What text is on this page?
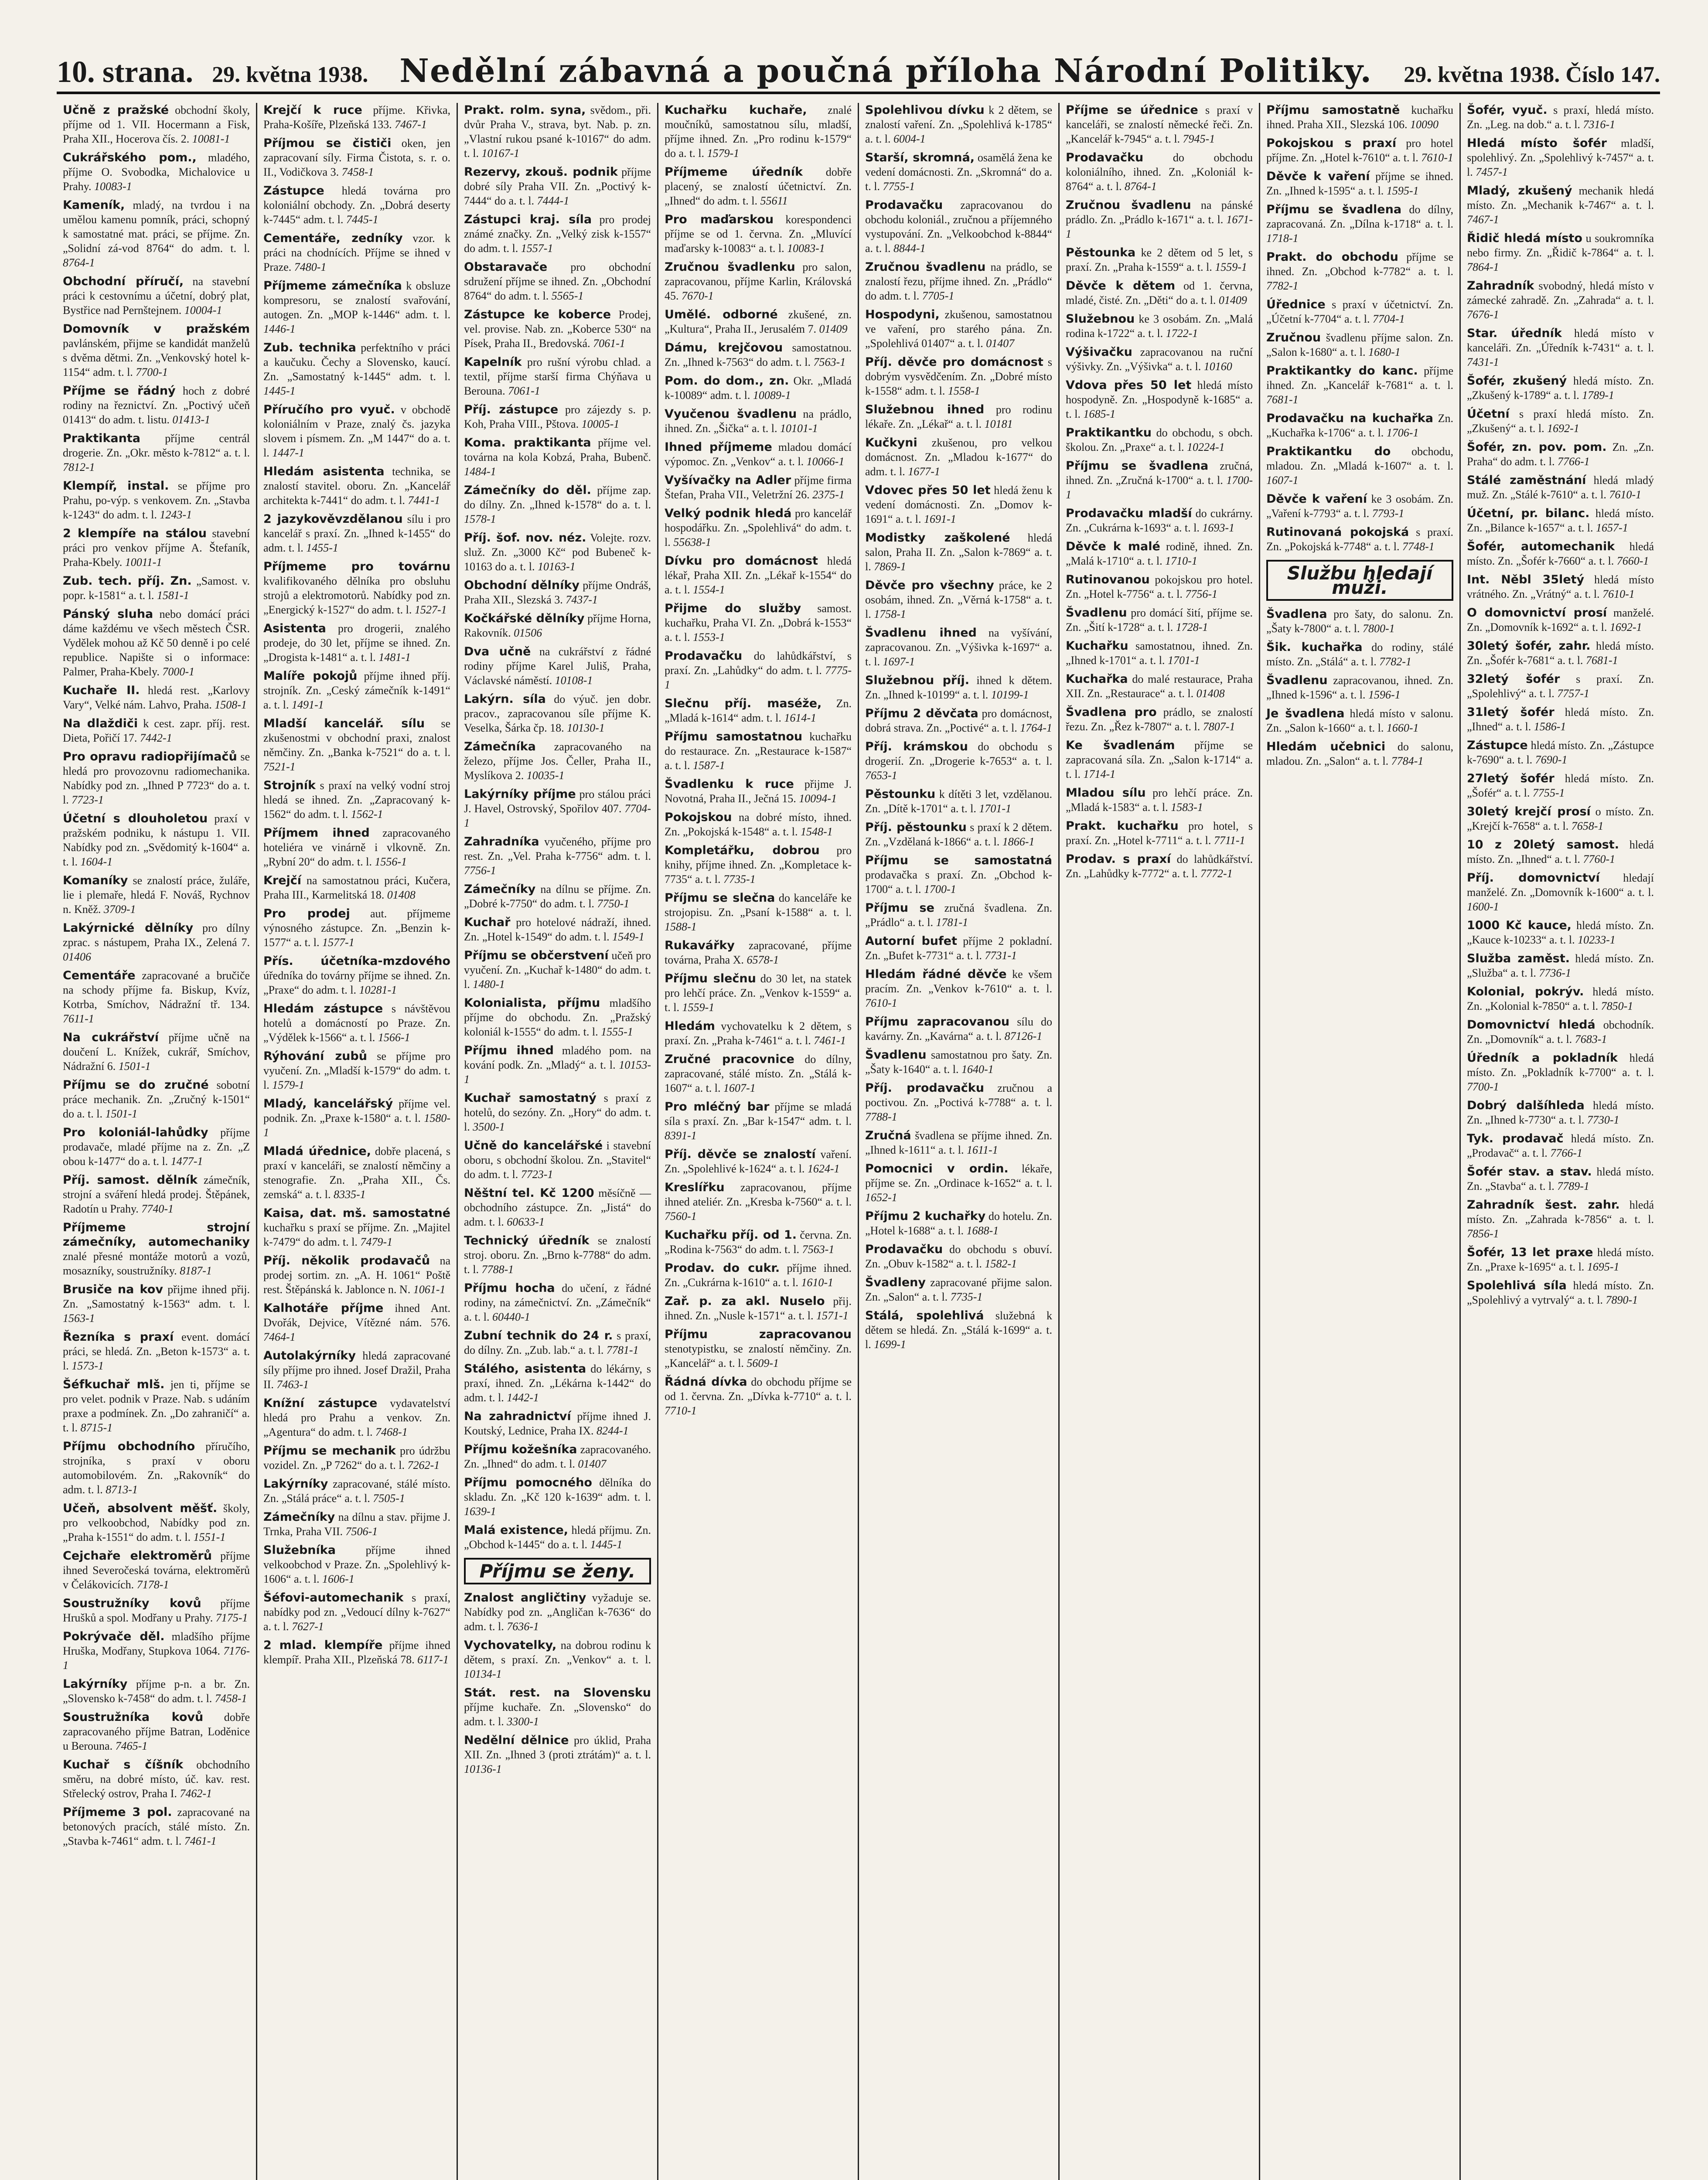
10. strana. 29. května 1938. Nedělní zábavná a poučná příloha Národní Politiky. 29. května 1938. Číslo 147.
Učně z pražské obchodní školy, příjme od 1. VII. Hocermann a Fisk, Praha XII., Hocerova čís. 2. 10081-1
Cukrářského pom., mladého, příjme O. Svobodka, Michalovice u Prahy. 10083-1
Kameník, mladý, na tvrdou i na umělou kamenu pomník, práci, schopný k samostatné mat. práci, se příjme. Zn. „Solidní zá-vod 8764“ do adm. t. l. 8764-1
Obchodní příručí, na stavební práci k cestovnímu a účetní, dobrý plat, Bystřice nad Pernštejnem. 10004-1
Domovník v pražském pavlánském, přijme se kandidát manželů s dvěma dětmi. Zn. „Venkovský hotel k-1154“ adm. t. l. 7700-1
Příjme se řádný hoch z dobré rodiny na řeznictví. Zn. „Poctivý učeň 01413“ do adm. t. listu. 01413-1
Praktikanta příjme centrál drogerie. Zn. „Okr. město k-7812“ a. t. l. 7812-1
Klempíř, instal. se příjme pro Prahu, po-výp. s venkovem. Zn. „Stavba k-1243“ do adm. t. l. 1243-1
2 klempíře na stálou stavební práci pro venkov příjme A. Štefaník, Praha-Kbely. 10011-1
Zub. tech. příj. Zn. „Samost. v. popr. k-1581“ a. t. l. 1581-1
Pánský sluha nebo domácí práci dáme každému ve všech městech ČSR. Vydělek mohou až Kč 50 denně i po celé republice. Napište si o informace: Palmer, Praha-Kbely. 7000-1
Kuchaře II. hledá rest. „Karlovy Vary“, Velké nám. Lahvo, Praha. 1508-1
Na dlaždiči k cest. zapr. příj. rest. Dieta, Pořičí 17. 7442-1
Pro opravu radiopřijímačů se hledá pro provozovnu radiomechanika. Nabídky pod zn. „Ihned P 7723“ do a. t. l. 7723-1
Účetní s dlouholetou praxí v pražském podniku, k nástupu 1. VII. Nabídky pod zn. „Svědomitý k-1604“ a. t. l. 1604-1
Komaníky se znalostí práce, žuláře, lie i plemaře, hledá F. Nováš, Rychnov n. Kněž. 3709-1
Lakýrnické dělníky pro dílny zprac. s nástupem, Praha IX., Zelená 7. 01406
Cementáře zapracované a bručiče na schody příjme fa. Biskup, Kvíz, Kotrba, Smíchov, Nádražní tř. 134. 7611-1
Na cukrářství příjme učně na doučení L. Knížek, cukrář, Smíchov, Nádražní 6. 1501-1
Příjmu se do zručné sobotní práce mechanik. Zn. „Zručný k-1501“ do a. t. l. 1501-1
Pro koloniál-lahůdky příjme prodavače, mladé příjme na z. Zn. „Z obou k-1477“ do a. t. l. 1477-1
Příj. samost. dělník zámečník, strojní a sváření hledá prodej. Štěpánek, Radotín u Prahy. 7740-1
Příjmeme strojní zámečníky, automechaniky znalé přesné montáže motorů a vozů, mosazníky, soustružníky. 8187-1
Brusiče na kov přijme ihned přij. Zn. „Samostatný k-1563“ adm. t. l. 1563-1
Řezníka s praxí event. domácí práci, se hledá. Zn. „Beton k-1573“ a. t. l. 1573-1
Šéfkuchař mlš. jen ti, příjme se pro velet. podnik v Praze. Nab. s udáním praxe a podmínek. Zn. „Do zahraničí“ a. t. l. 8715-1
Příjmu obchodního příručího, strojníka, s praxí v oboru automobilovém. Zn. „Rakovník“ do adm. t. l. 8713-1
Učeň, absolvent měšť. školy, pro velkoobchod, Nabídky pod zn. „Praha k-1551“ do adm. t. l. 1551-1
Cejchaře elektroměrů příjme ihned Severočeská továrna, elektroměrů v Čelákovicích. 7178-1
Soustružníky kovů příjme Hrušků a spol. Modřany u Prahy. 7175-1
Pokrývače děl. mladšího příjme Hruška, Modřany, Stupkova 1064. 7176-1
Lakýrníky příjme p-n. a br. Zn. „Slovensko k-7458“ do adm. t. l. 7458-1
Soustružníka kovů dobře zapracovaného příjme Batran, Loděnice u Berouna. 7465-1
Kuchař s číšník obchodního směru, na dobré místo, úč. kav. rest. Střelecký ostrov, Praha I. 7462-1
Příjmeme 3 pol. zapracované na betonových pracích, stálé místo. Zn. „Stavba k-7461“ adm. t. l. 7461-1
Krejčí k ruce příjme. Křivka, Praha-Košíře, Plzeňská 133. 7467-1
Příjmou se čističi oken, jen zapracovaní síly. Firma Čistota, s. r. o. II., Vodičkova 3. 7458-1
Zástupce hledá továrna pro koloniální obchody. Zn. „Dobrá deserty k-7445“ adm. t. l. 7445-1
Cementáře, zedníky vzor. k práci na chodnících. Příjme se ihned v Praze. 7480-1
Příjmeme zámečníka k obsluze kompresoru, se znalostí svařování, autogen. Zn. „MOP k-1446“ adm. t. l. 1446-1
Zub. technika perfektního v práci a kaučuku. Čechy a Slovensko, kaucí. Zn. „Samostatný k-1445“ adm. t. l. 1445-1
Příručího pro vyuč. v obchodě koloniálním v Praze, znalý čs. jazyka slovem i písmem. Zn. „M 1447“ do a. t. l. 1447-1
Hledám asistenta technika, se znalostí stavitel. oboru. Zn. „Kancelář architekta k-7441“ do adm. t. l. 7441-1
2 jazykověvzdělanou sílu i pro kancelář s praxí. Zn. „Ihned k-1455“ do adm. t. l. 1455-1
Příjmeme pro továrnu kvalifikovaného dělníka pro obsluhu strojů a elektromotorů. Nabídky pod zn. „Energický k-1527“ do adm. t. l. 1527-1
Asistenta pro drogerii, znalého prodeje, do 30 let, příjme se ihned. Zn. „Drogista k-1481“ a. t. l. 1481-1
Malíře pokojů příjme ihned příj. strojník. Zn. „Ceský zámečník k-1491“ a. t. l. 1491-1
Mladší kancelář. sílu se zkušenostmi v obchodní praxi, znalost němčiny. Zn. „Banka k-7521“ do a. t. l. 7521-1
Strojník s praxí na velký vodní stroj hledá se ihned. Zn. „Zapracovaný k-1562“ do adm. t. l. 1562-1
Příjmem ihned zapracovaného hoteliéra ve vinárně i vlkovně. Zn. „Rybní 20“ do adm. t. l. 1556-1
Krejčí na samostatnou práci, Kučera, Praha III., Karmelitská 18. 01408
Pro prodej aut. příjmeme výnosného zástupce. Zn. „Benzin k-1577“ a. t. l. 1577-1
Přís. účetníka-mzdového úředníka do továrny příjme se ihned. Zn. „Praxe“ do adm. t. l. 10281-1
Hledám zástupce s návštěvou hotelů a domácností po Praze. Zn. „Výdělek k-1566“ a. t. l. 1566-1
Rýhování zubů se příjme pro vyučení. Zn. „Mladší k-1579“ do adm. t. l. 1579-1
Mladý, kancelářský příjme vel. podnik. Zn. „Praxe k-1580“ a. t. l. 1580-1
Mladá úřednice, dobře placená, s praxí v kanceláři, se znalostí němčiny a stenografie. Zn. „Praha XII., Čs. zemská“ a. t. l. 8335-1
Kaisa, dat. mš. samostatné kuchařku s praxí se příjme. Zn. „Majitel k-7479“ do adm. t. l. 7479-1
Příj. několik prodavačů na prodej sortim. zn. „A. H. 1061“ Poště rest. Štěpánská k. Jablonce n. N. 1061-1
Kalhotáře příjme ihned Ant. Dvořák, Dejvice, Vítězné nám. 576. 7464-1
Autolakýrníky hledá zapracované síly příjme pro ihned. Josef Dražil, Praha II. 7463-1
Knížní zástupce vydavatelství hledá pro Prahu a venkov. Zn. „Agentura“ do adm. t. l. 7468-1
Příjmu se mechanik pro údržbu vozidel. Zn. „P 7262“ do a. t. l. 7262-1
Lakýrníky zapracované, stálé místo. Zn. „Stálá práce“ a. t. l. 7505-1
Zámečníky na dílnu a stav. přijme J. Trnka, Praha VII. 7506-1
Služebníka	příjme ihned velkoobchod v Praze. Zn. „Spolehlivý k-1606“ a. t. l. 1606-1
Šéfovi-automechanik s praxí, nabídky pod zn. „Vedoucí dílny k-7627“ a. t. l. 7627-1
2 mlad. klempíře příjme ihned klempíř. Praha XII., Plzeňská 78. 6117-1
Prakt. rolm. syna, svědom., při. dvůr Praha V., strava, byt. Nab. p. zn. „Vlastní rukou psané k-10167“ do adm. t. l. 10167-1
Rezervy, zkouš. podnik příjme dobré síly Praha VII. Zn. „Poctivý k-7444“ do a. t. l. 7444-1
Zástupci kraj. síla pro prodej známé značky. Zn. „Velký zisk k-1557“ do adm. t. l. 1557-1
Obstaravače pro obchodní sdružení příjme se ihned. Zn. „Obchodní 8764“ do adm. t. l. 5565-1
Zástupce ke koberce Prodej, vel. provise. Nab. zn. „Koberce 530“ na Písek, Praha II., Bredovská. 7061-1
Kapelník pro rušní výrobu chlad. a textil, příjme starší firma Chýňava u Berouna. 7061-1
Příj. zástupce pro zájezdy s. p. Koh, Praha VIII., Pštova. 10005-1
Koma. praktikanta příjme vel. továrna na kola Kobzá, Praha, Bubenč. 1484-1
Zámečníky do děl. příjme zap. do dílny. Zn. „Ihned k-1578“ do a. t. l. 1578-1
Příj. šof. nov. néz. Volejte. rozv. služ. Zn. „3000 Kč“ pod Bubeneč k-10163 do a. t. l. 10163-1
Obchodní dělníky příjme Ondráš, Praha XII., Slezská 3. 7437-1
Kočkářské dělníky příjme Horna, Rakovník. 01506
Dva učně na cukrářství z řádné rodiny příjme Karel Juliš, Praha, Václavské náměstí. 10108-1
Lakýrn. síla do výuč. jen dobr. pracov., zapracovanou síle příjme K. Veselka, Šárka čp. 18. 10130-1
Zámečníka zapracovaného na železo, příjme Jos. Čeller, Praha II., Myslíkova 2. 10035-1
Lakýrníky příjme pro stálou práci J. Havel, Ostrovský, Spořilov 407. 7704-1
Zahradníka vyučeného, příjme pro rest. Zn. „Vel. Praha k-7756“ adm. t. l. 7756-1
Zámečníky na dílnu se příjme. Zn. „Dobré k-7750“ do adm. t. l. 7750-1
Kuchař pro hotelové nádraží, ihned. Zn. „Hotel k-1549“ do adm. t. l. 1549-1
Příjmu se občerstvení učeň pro vyučení. Zn. „Kuchař k-1480“ do adm. t. l. 1480-1
Kolonialista, příjmu mladšího příjme do obchodu. Zn. „Pražský koloniál k-1555“ do adm. t. l. 1555-1
Příjmu ihned mladého pom. na kování podk. Zn. „Mladý“ a. t. l. 10153-1
Kuchař samostatný s praxí z hotelů, do sezóny. Zn. „Hory“ do adm. t. l. 3500-1
Učně do kancelářské i stavební oboru, s obchodní školou. Zn. „Stavitel“ do adm. t. l. 7723-1
Něštní tel. Kč 1200 měsíčně — obchodního zástupce. Zn. „Jistá“ do adm. t. l. 60633-1
Technický úředník se znalostí stroj. oboru. Zn. „Brno k-7788“ do adm. t. l. 7788-1
Příjmu hocha do učení, z řádné rodiny, na zámečnictví. Zn. „Zámečník“ a. t. l. 60440-1
Zubní technik do 24 r. s praxí, do dílny. Zn. „Zub. lab.“ a. t. l. 7781-1
Stálého, asistenta do lékárny, s praxí, ihned. Zn. „Lékárna k-1442“ do adm. t. l. 1442-1
Na zahradnictví příjme ihned J. Koutský, Lednice, Praha IX. 8244-1
Příjmu kožešníka zapracovaného. Zn. „Ihned“ do adm. t. l. 01407
Příjmu pomocného dělníka do skladu. Zn. „Kč 120 k-1639“ adm. t. l. 1639-1
Malá existence, hledá příjmu. Zn. „Obchod k-1445“ do a. t. l. 1445-1
Příjmu se ženy.
Znalost angličtiny vyžaduje se. Nabídky pod zn. „Angličan k-7636“ do adm. t. l. 7636-1
Vychovatelky, na dobrou rodinu k dětem, s praxí. Zn. „Venkov“ a. t. l. 10134-1
Stát. rest. na Slovensku příjme kuchaře. Zn. „Slovensko“ do adm. t. l. 3300-1
Nedělní dělnice pro úklid, Praha XII. Zn. „Ihned 3 (proti ztrátám)“ a. t. l. 10136-1
Kuchařku kuchaře, znalé moučníků, samostatnou sílu, mladší, příjme ihned. Zn. „Pro rodinu k-1579“ do a. t. l. 1579-1
Příjmeme úředník dobře placený, se znalostí účetnictví. Zn. „Ihned“ do adm. t. l. 55611
Pro maďarskou korespondenci příjme se od 1. června. Zn. „Mluvící maďarsky k-10083“ a. t. l. 10083-1
Zručnou švadlenku pro salon, zapracovanou, příjme Karlin, Královská 45. 7670-1
Umělé. odborné zkušené, zn. „Kultura“, Praha II., Jerusalém 7. 01409
Dámu, krejčovou samostatnou. Zn. „Ihned k-7563“ do adm. t. l. 7563-1
Pom. do dom., zn. Okr. „Mladá k-10089“ adm. t. l. 10089-1
Vyučenou švadlenu na prádlo, ihned. Zn. „Šička“ a. t. l. 10101-1
Ihned příjmeme mladou domácí výpomoc. Zn. „Venkov“ a. t. l. 10066-1
Vyšívačky na Adler příjme firma Štefan, Praha VII., Veletržní 26. 2375-1
Velký podnik hledá pro kancelář hospodářku. Zn. „Spolehlivá“ do adm. t. l. 55638-1
Dívku pro domácnost hledá lékař, Praha XII. Zn. „Lékař k-1554“ do a. t. l. 1554-1
Přijme do služby samost. kuchařku, Praha VI. Zn. „Dobrá k-1553“ a. t. l. 1553-1
Prodavačku do lahůdkářství, s praxí. Zn. „Lahůdky“ do adm. t. l. 7775-1
Slečnu příj. maséže, Zn. „Mladá k-1614“ adm. t. l. 1614-1
Příjmu samostatnou kuchařku do restaurace. Zn. „Restaurace k-1587“ a. t. l. 1587-1
Švadlenku k ruce přijme J. Novotná, Praha II., Ječná 15. 10094-1
Pokojskou na dobré místo, ihned. Zn. „Pokojská k-1548“ a. t. l. 1548-1
Kompletářku, dobrou pro knihy, příjme ihned. Zn. „Kompletace k-7735“ a. t. l. 7735-1
Příjmu se slečna do kanceláře ke strojopisu. Zn. „Psaní k-1588“ a. t. l. 1588-1
Rukavářky zapracované, příjme továrna, Praha X. 6578-1
Příjmu slečnu do 30 let, na statek pro lehčí práce. Zn. „Venkov k-1559“ a. t. l. 1559-1
Hledám vychovatelku k 2 dětem, s praxí. Zn. „Praha k-7461“ a. t. l. 7461-1
Zručné pracovnice do dílny, zapracované, stálé místo. Zn. „Stálá k-1607“ a. t. l. 1607-1
Pro mléčný bar příjme se mladá síla s praxí. Zn. „Bar k-1547“ adm. t. l. 8391-1
Příj. děvče se znalostí vaření. Zn. „Spolehlivé k-1624“ a. t. l. 1624-1
Kreslířku zapracovanou, příjme ihned ateliér. Zn. „Kresba k-7560“ a. t. l. 7560-1
Kuchařku příj. od 1. června. Zn. „Rodina k-7563“ do adm. t. l. 7563-1
Prodav. do cukr. příjme ihned. Zn. „Cukrárna k-1610“ a. t. l. 1610-1
Zař. p. za akl. Nuselo přij. ihned. Zn. „Nusle k-1571“ a. t. l. 1571-1
Příjmu zapracovanou stenotypistku, se znalostí němčiny. Zn. „Kancelář“ a. t. l. 5609-1
Řádná dívka do obchodu příjme se od 1. června. Zn. „Dívka k-7710“ a. t. l. 7710-1
Spolehlivou dívku k 2 dětem, se znalostí vaření. Zn. „Spolehlivá k-1785“ a. t. l. 6004-1
Starší, skromná, osamělá žena ke vedení domácnosti. Zn. „Skromná“ do a. t. l. 7755-1
Prodavačku zapracovanou do obchodu koloniál., zručnou a příjemného vystupování. Zn. „Velkoobchod k-8844“ a. t. l. 8844-1
Zručnou švadlenu na prádlo, se znalostí řezu, příjme ihned. Zn. „Prádlo“ do adm. t. l. 7705-1
Hospodyni, zkušenou, samostatnou ve vaření, pro starého pána. Zn. „Spolehlivá 01407“ a. t. l. 01407
Příj. děvče pro domácnost s dobrým vysvědčením. Zn. „Dobré místo k-1558“ adm. t. l. 1558-1
Služebnou ihned pro rodinu lékaře. Zn. „Lékař“ a. t. l. 10181
Kučkyni zkušenou, pro velkou domácnost. Zn. „Mladou k-1677“ do adm. t. l. 1677-1
Vdovec přes 50 let hledá ženu k vedení domácnosti. Zn. „Domov k-1691“ a. t. l. 1691-1
Modistky zaškolené hledá salon, Praha II. Zn. „Salon k-7869“ a. t. l. 7869-1
Děvče pro všechny práce, ke 2 osobám, ihned. Zn. „Věrná k-1758“ a. t. l. 1758-1
Švadlenu ihned na vyšívání, zapracovanou. Zn. „Výšivka k-1697“ a. t. l. 1697-1
Služebnou příj. ihned k dětem. Zn. „Ihned k-10199“ a. t. l. 10199-1
Příjmu 2 děvčata pro domácnost, dobrá strava. Zn. „Poctivé“ a. t. l. 1764-1
Příj. krámskou do obchodu s drogerií. Zn. „Drogerie k-7653“ a. t. l. 7653-1
Pěstounku k dítěti 3 let, vzdělanou. Zn. „Dítě k-1701“ a. t. l. 1701-1
Příj. pěstounku s praxí k 2 dětem. Zn. „Vzdělaná k-1866“ a. t. l. 1866-1
Příjmu se samostatná prodavačka s praxí. Zn. „Obchod k-1700“ a. t. l. 1700-1
Příjmu se zručná švadlena. Zn. „Prádlo“ a. t. l. 1781-1
Autorní bufet příjme 2 pokladní. Zn. „Bufet k-7731“ a. t. l. 7731-1
Hledám řádné děvče ke všem pracím. Zn. „Venkov k-7610“ a. t. l. 7610-1
Příjmu zapracovanou sílu do kavárny. Zn. „Kavárna“ a. t. l. 87126-1
Švadlenu samostatnou pro šaty. Zn. „Šaty k-1640“ a. t. l. 1640-1
Příj. prodavačku zručnou a poctivou. Zn. „Poctivá k-7788“ a. t. l. 7788-1
Zručná švadlena se příjme ihned. Zn. „Ihned k-1611“ a. t. l. 1611-1
Pomocnici v ordin. lékaře, příjme se. Zn. „Ordinace k-1652“ a. t. l. 1652-1
Příjmu 2 kuchařky do hotelu. Zn. „Hotel k-1688“ a. t. l. 1688-1
Prodavačku do obchodu s obuví. Zn. „Obuv k-1582“ a. t. l. 1582-1
Švadleny zapracované přijme salon. Zn. „Salon“ a. t. l. 7735-1
Stálá, spolehlivá služebná k dětem se hledá. Zn. „Stálá k-1699“ a. t. l. 1699-1
Příjme se úřednice s praxí v kanceláři, se znalostí německé řeči. Zn. „Kancelář k-7945“ a. t. l. 7945-1
Prodavačku	do obchodu koloniálního, ihned. Zn. „Koloniál k-8764“ a. t. l. 8764-1
Zručnou švadlenu na pánské prádlo. Zn. „Prádlo k-1671“ a. t. l. 1671-1
Pěstounka ke 2 dětem od 5 let, s praxí. Zn. „Praha k-1559“ a. t. l. 1559-1
Děvče k dětem od 1. června, mladé, čisté. Zn. „Děti“ do a. t. l. 01409
Služebnou ke 3 osobám. Zn. „Malá rodina k-1722“ a. t. l. 1722-1
Výšivačku zapracovanou na ruční výšivky. Zn. „Výšivka“ a. t. l. 10160
Vdova přes 50 let hledá místo hospodyně. Zn. „Hospodyně k-1685“ a. t. l. 1685-1
Praktikantku do obchodu, s obch. školou. Zn. „Praxe“ a. t. l. 10224-1
Příjmu se švadlena zručná, ihned. Zn. „Zručná k-1700“ a. t. l. 1700-1
Prodavačku mladší do cukrárny. Zn. „Cukrárna k-1693“ a. t. l. 1693-1
Děvče k malé rodině, ihned. Zn. „Malá k-1710“ a. t. l. 1710-1
Rutinovanou pokojskou pro hotel. Zn. „Hotel k-7756“ a. t. l. 7756-1
Švadlenu pro domácí šití, příjme se. Zn. „Šití k-1728“ a. t. l. 1728-1
Kuchařku samostatnou, ihned. Zn. „Ihned k-1701“ a. t. l. 1701-1
Kuchařka do malé restaurace, Praha XII. Zn. „Restaurace“ a. t. l. 01408
Švadlena pro prádlo, se znalostí řezu. Zn. „Řez k-7807“ a. t. l. 7807-1
Ke švadlenám příjme se zapracovaná síla. Zn. „Salon k-1714“ a. t. l. 1714-1
Mladou sílu pro lehčí práce. Zn. „Mladá k-1583“ a. t. l. 1583-1
Prakt. kuchařku pro hotel, s praxí. Zn. „Hotel k-7711“ a. t. l. 7711-1
Prodav. s praxí do lahůdkářství. Zn. „Lahůdky k-7772“ a. t. l. 7772-1
Příjmu samostatně kuchařku ihned. Praha XII., Slezská 106. 10090
Pokojskou s praxí pro hotel příjme. Zn. „Hotel k-7610“ a. t. l. 7610-1
Děvče k vaření příjme se ihned. Zn. „Ihned k-1595“ a. t. l. 1595-1
Příjmu se švadlena do dílny, zapracovaná. Zn. „Dílna k-1718“ a. t. l. 1718-1
Prakt. do obchodu příjme se ihned. Zn. „Obchod k-7782“ a. t. l. 7782-1
Úřednice s praxí v účetnictví. Zn. „Účetní k-7704“ a. t. l. 7704-1
Zručnou švadlenu příjme salon. Zn. „Salon k-1680“ a. t. l. 1680-1
Praktikantky do kanc. příjme ihned. Zn. „Kancelář k-7681“ a. t. l. 7681-1
Prodavačku na kuchařka Zn. „Kuchařka k-1706“ a. t. l. 1706-1
Praktikantku do obchodu, mladou. Zn. „Mladá k-1607“ a. t. l. 1607-1
Děvče k vaření ke 3 osobám. Zn. „Vaření k-7793“ a. t. l. 7793-1
Rutinovaná pokojská s praxí. Zn. „Pokojská k-7748“ a. t. l. 7748-1
Službu hledají muži.
Švadlena pro šaty, do salonu. Zn. „Šaty k-7800“ a. t. l. 7800-1
Šik. kuchařka do rodiny, stálé místo. Zn. „Stálá“ a. t. l. 7782-1
Švadlenu zapracovanou, ihned. Zn. „Ihned k-1596“ a. t. l. 1596-1
Je švadlena hledá místo v salonu. Zn. „Salon k-1660“ a. t. l. 1660-1
Hledám učebnici do salonu, mladou. Zn. „Salon“ a. t. l. 7784-1
Šofér, vyuč. s praxí, hledá místo. Zn. „Leg. na dob.“ a. t. l. 7316-1
Hledá místo šofér mladší, spolehlivý. Zn. „Spolehlivý k-7457“ a. t. l. 7457-1
Mladý, zkušený mechanik hledá místo. Zn. „Mechanik k-7467“ a. t. l. 7467-1
Řidič hledá místo u soukromníka nebo firmy. Zn. „Řidič k-7864“ a. t. l. 7864-1
Zahradník svobodný, hledá místo v zámecké zahradě. Zn. „Zahrada“ a. t. l. 7676-1
Star. úředník hledá místo v kanceláři. Zn. „Úředník k-7431“ a. t. l. 7431-1
Šofér, zkušený hledá místo. Zn. „Zkušený k-1789“ a. t. l. 1789-1
Účetní s praxí hledá místo. Zn. „Zkušený“ a. t. l. 1692-1
Šofér, zn. pov. pom. Zn. „Zn. Praha“ do adm. t. l. 7766-1
Stálé zaměstnání hledá mladý muž. Zn. „Stálé k-7610“ a. t. l. 7610-1
Účetní, pr. bilanc. hledá místo. Zn. „Bilance k-1657“ a. t. l. 1657-1
Šofér, automechanik hledá místo. Zn. „Šofér k-7660“ a. t. l. 7660-1
Int. Něbl 35letý hledá místo vrátného. Zn. „Vrátný“ a. t. l. 7610-1
O domovnictví prosí manželé. Zn. „Domovník k-1692“ a. t. l. 1692-1
30letý šofér, zahr. hledá místo. Zn. „Šofér k-7681“ a. t. l. 7681-1
32letý šofér s praxí. Zn. „Spolehlivý“ a. t. l. 7757-1
31letý šofér hledá místo. Zn. „Ihned“ a. t. l. 1586-1
Zástupce hledá místo. Zn. „Zástupce k-7690“ a. t. l. 7690-1
27letý šofér hledá místo. Zn. „Šofér“ a. t. l. 7755-1
30letý krejčí prosí o místo. Zn. „Krejčí k-7658“ a. t. l. 7658-1
10 z 20letý samost. hledá místo. Zn. „Ihned“ a. t. l. 7760-1
Příj. domovnictví hledají manželé. Zn. „Domovník k-1600“ a. t. l. 1600-1
1000 Kč kauce, hledá místo. Zn. „Kauce k-10233“ a. t. l. 10233-1
Služba zaměst. hledá místo. Zn. „Služba“ a. t. l. 7736-1
Kolonial, pokrýv. hledá místo. Zn. „Kolonial k-7850“ a. t. l. 7850-1
Domovnictví hledá obchodník. Zn. „Domovník“ a. t. l. 7683-1
Úředník a pokladník hledá místo. Zn. „Pokladník k-7700“ a. t. l. 7700-1
Dobrý dalšíhleda hledá místo. Zn. „Ihned k-7730“ a. t. l. 7730-1
Tyk. prodavač hledá místo. Zn. „Prodavač“ a. t. l. 7766-1
Šofér stav. a stav. hledá místo. Zn. „Stavba“ a. t. l. 7789-1
Zahradník šest. zahr. hledá místo. Zn. „Zahrada k-7856“ a. t. l. 7856-1
Šofér, 13 let praxe hledá místo. Zn. „Praxe k-1695“ a. t. l. 1695-1
Spolehlivá síla hledá místo. Zn. „Spolehlivý a vytrvalý“ a. t. l. 7890-1
